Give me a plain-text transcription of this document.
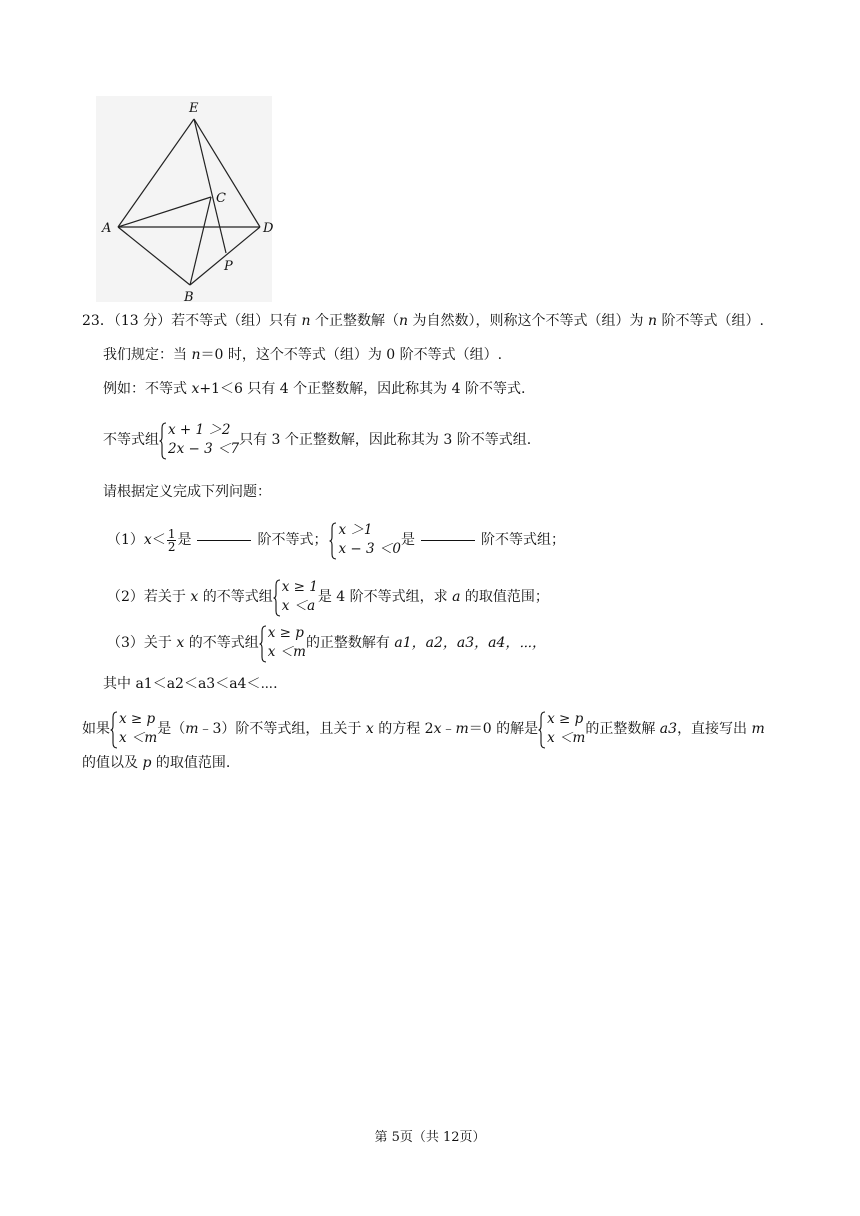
E
A
C
D
P
B
23．（13 分）若不等式（组）只有 n 个正整数解（n 为自然数），则称这个不等式（组）为 n 阶不等式（组）.
我们规定：当 n＝0 时，这个不等式（组）为 0 阶不等式（组）.
例如：不等式 x+1＜6 只有 4 个正整数解，因此称其为 4 阶不等式.
不等式组
x + 1 ＞2
2x − 3 ＜7
只有 3 个正整数解，因此称其为 3 阶不等式组.
请根据定义完成下列问题：
$(1)x< \frac{1}{2}$ 是	阶不等式；
x ＞1
x − 3 ＜0
是	阶不等式组；
（2）若关于 x 的不等式组
x ≥ 1
x ＜a
是 4 阶不等式组，求 a 的取值范围；
（3）关于 x 的不等式组
x ≥ p
x ＜m
的正整数解有 a1，a2，a3，a4，⋯，
其中 a1＜a2＜a3＜a4＜⋯.
如果
x ≥ p
x ＜m
是（m﹣3）阶不等式组，且关于 x 的方程 2x﹣m＝0 的解是
x ≥ p
x ＜m
的正整数解 a3，直接写出 m
的值以及 p 的取值范围.
第 5页（共 12页）
